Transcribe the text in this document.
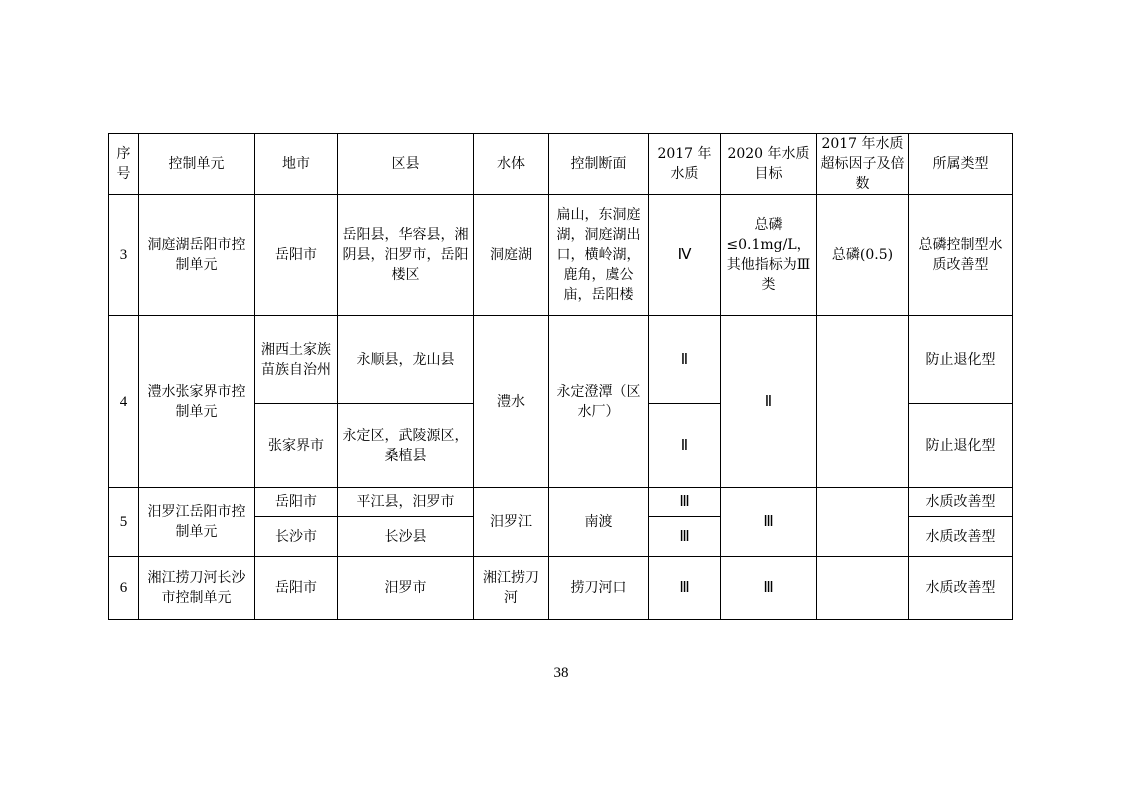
序号	控制单元	地市	区县	水体	控制断面	2017 年水质	2020 年水质目标	2017 年水质超标因子及倍数	所属类型
3	洞庭湖岳阳市控制单元	岳阳市	岳阳县，华容县，湘阴县，汨罗市，岳阳楼区	洞庭湖	扁山，东洞庭湖，洞庭湖出口，横岭湖，鹿角，虞公庙，岳阳楼	Ⅳ	总磷≤0.1mg/L，其他指标为Ⅲ类	总磷(0.5)	总磷控制型水质改善型
4	澧水张家界市控制单元	湘西土家族苗族自治州	永顺县，龙山县	澧水	永定澄潭（区水厂）	Ⅱ	Ⅱ		防止退化型
		张家界市	永定区，武陵源区，桑植县			Ⅱ			防止退化型
5	汨罗江岳阳市控制单元	岳阳市	平江县，汨罗市	汨罗江	南渡	Ⅲ	Ⅲ		水质改善型
		长沙市	长沙县			Ⅲ			水质改善型
6	湘江捞刀河长沙市控制单元	岳阳市	汨罗市	湘江捞刀河	捞刀河口	Ⅲ	Ⅲ		水质改善型
38
